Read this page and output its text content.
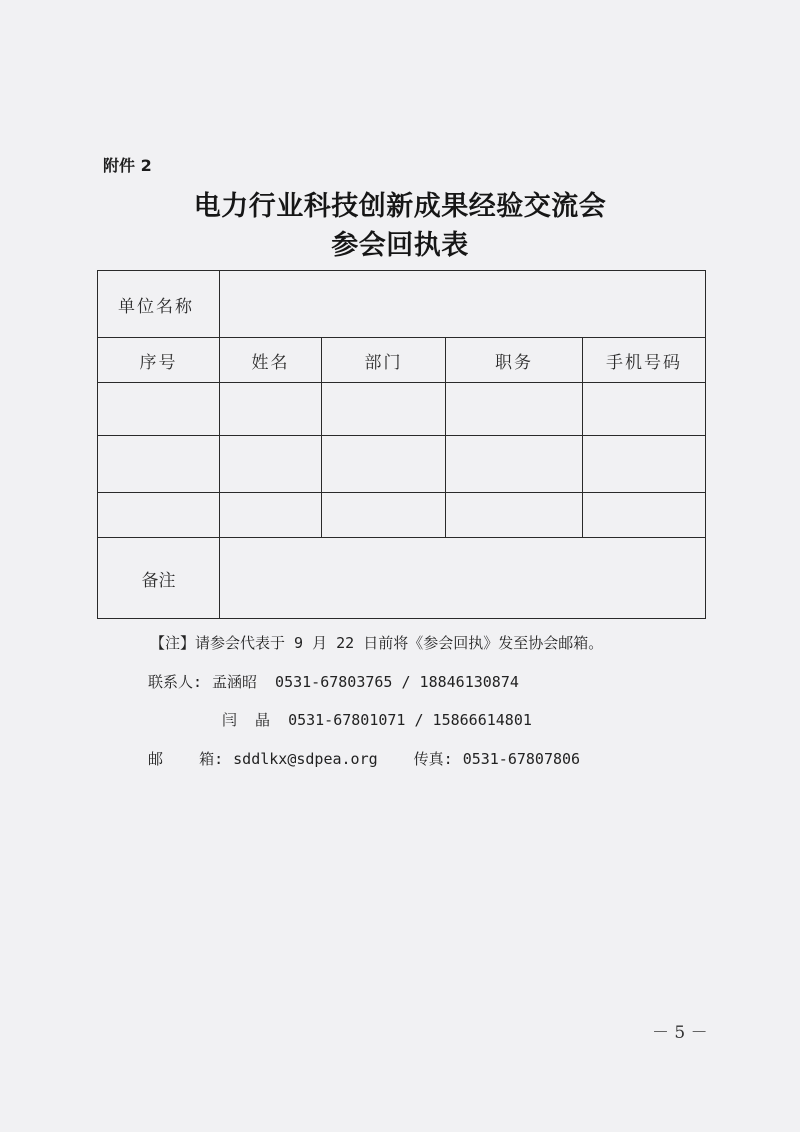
附件 2
电力行业科技创新成果经验交流会
参会回执表
单位名称				
序号	姓名	部门	职务	手机号码

备注				
【注】请参会代表于 9 月 22 日前将《参会回执》发至协会邮箱。
联系人: 孟涵昭 0531-67803765 / 18846130874
闫  晶 0531-67801071 / 15866614801
邮    箱: sddlkx@sdpea.org 传真: 0531-67807806
－ 5 －
